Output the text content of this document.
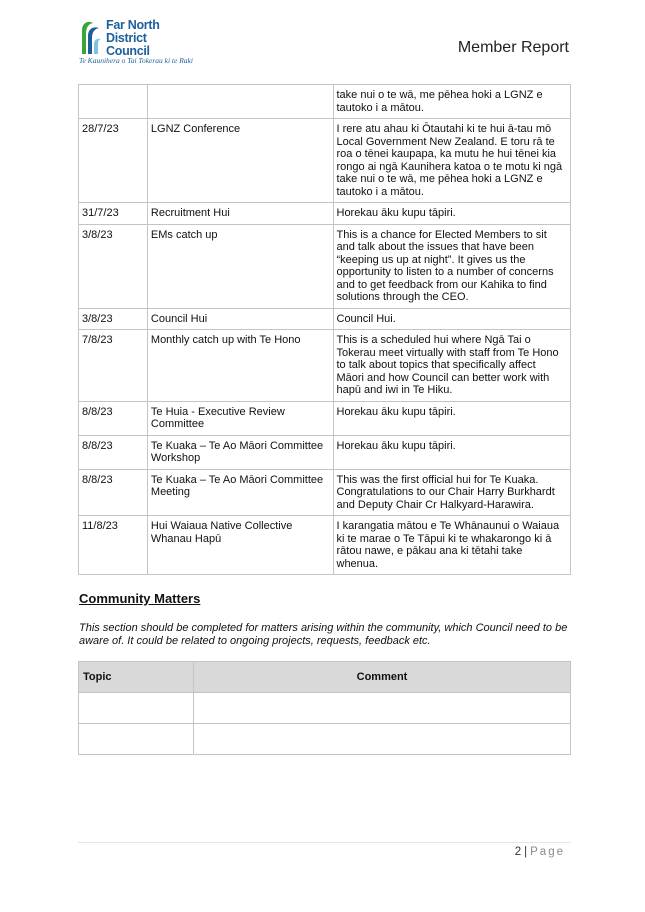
Far North
District Council
Te Kaunihera o Tai Tokerau ki te Raki
Member Report
		take nui o te wā, me pēhea hoki a LGNZ e tautoko i a mātou.
28/7/23	LGNZ Conference	I rere atu ahau ki Ōtautahi ki te hui ā-tau mō Local Government New Zealand. E toru rā te roa o tēnei kaupapa, ka mutu he hui tēnei kia rongo ai ngā Kaunihera katoa o te motu ki ngā take nui o te wā, me pēhea hoki a LGNZ e tautoko i a mātou.
31/7/23	Recruitment Hui	Horekau āku kupu tāpiri.
3/8/23	EMs catch up	This is a chance for Elected Members to sit and talk about the issues that have been “keeping us up at night”. It gives us the opportunity to listen to a number of concerns and to get feedback from our Kahika to find solutions through the CEO.
3/8/23	Council Hui	Council Hui.
7/8/23	Monthly catch up with Te Hono	This is a scheduled hui where Ngā Tai o Tokerau meet virtually with staff from Te Hono to talk about topics that specifically affect Māori and how Council can better work with hapū and iwi in Te Hiku.
8/8/23	Te Huia - Executive Review Committee	Horekau āku kupu tāpiri.
8/8/23	Te Kuaka – Te Ao Māori Committee Workshop	Horekau āku kupu tāpiri.
8/8/23	Te Kuaka – Te Ao Māori Committee Meeting	This was the first official hui for Te Kuaka. Congratulations to our Chair Harry Burkhardt and Deputy Chair Cr Halkyard-Harawira.
11/8/23	Hui Waiaua Native Collective Whanau Hapū	I karangatia mātou e Te Whānaunui o Waiaua ki te marae o Te Tāpui ki te whakarongo ki ā rātou nawe, e pākau ana ki tētahi take whenua.
Community Matters
This section should be completed for matters arising within the community, which Council need to be aware of. It could be related to ongoing projects, requests, feedback etc.
Topic	Comment

2 | Page
